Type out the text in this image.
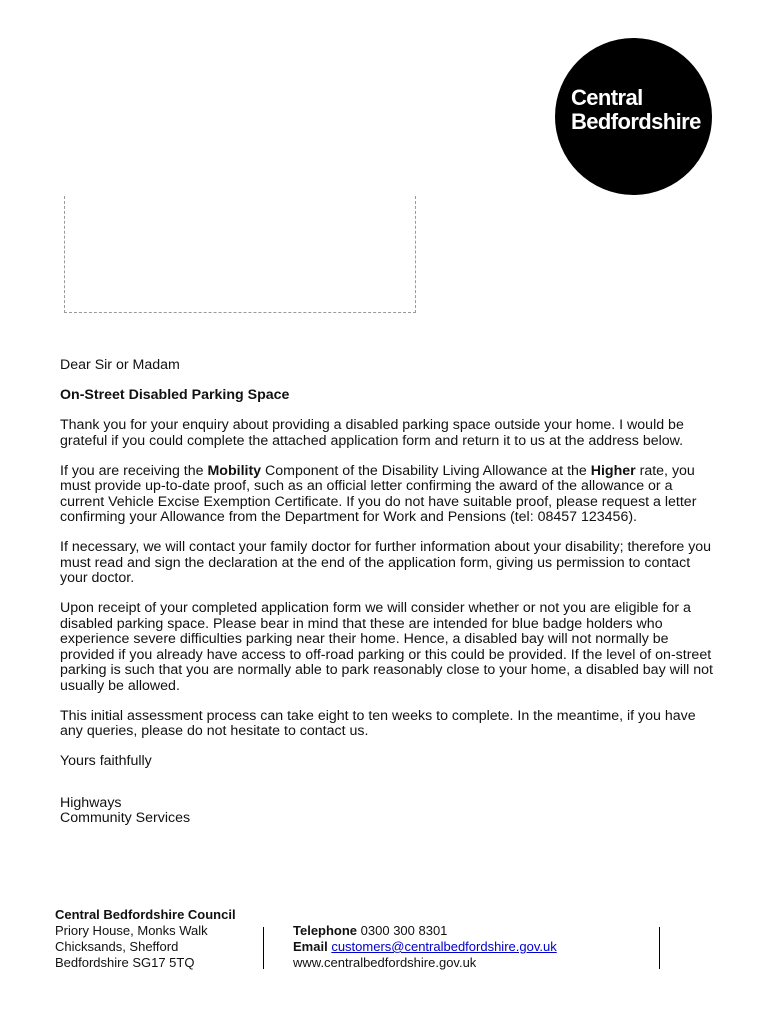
Central
Bedfordshire

Dear Sir or Madam

On-Street Disabled Parking Space

Thank you for your enquiry about providing a disabled parking space outside your home. I would be grateful if you could complete the attached application form and return it to us at the address below.

If you are receiving the Mobility Component of the Disability Living Allowance at the Higher rate, you must provide up-to-date proof, such as an official letter confirming the award of the allowance or a current Vehicle Excise Exemption Certificate. If you do not have suitable proof, please request a letter confirming your Allowance from the Department for Work and Pensions (tel: 08457 123456).

If necessary, we will contact your family doctor for further information about your disability; therefore you must read and sign the declaration at the end of the application form, giving us permission to contact your doctor.

Upon receipt of your completed application form we will consider whether or not you are eligible for a disabled parking space. Please bear in mind that these are intended for blue badge holders who experience severe difficulties parking near their home. Hence, a disabled bay will not normally be provided if you already have access to off-road parking or this could be provided. If the level of on-street parking is such that you are normally able to park reasonably close to your home, a disabled bay will not usually be allowed.

This initial assessment process can take eight to ten weeks to complete. In the meantime, if you have any queries, please do not hesitate to contact us.

Yours faithfully

Highways
Community Services

Central Bedfordshire Council
Priory House, Monks Walk
Chicksands, Shefford
Bedfordshire SG17 5TQ
Telephone 0300 300 8301
Email customers@centralbedfordshire.gov.uk
www.centralbedfordshire.gov.uk
